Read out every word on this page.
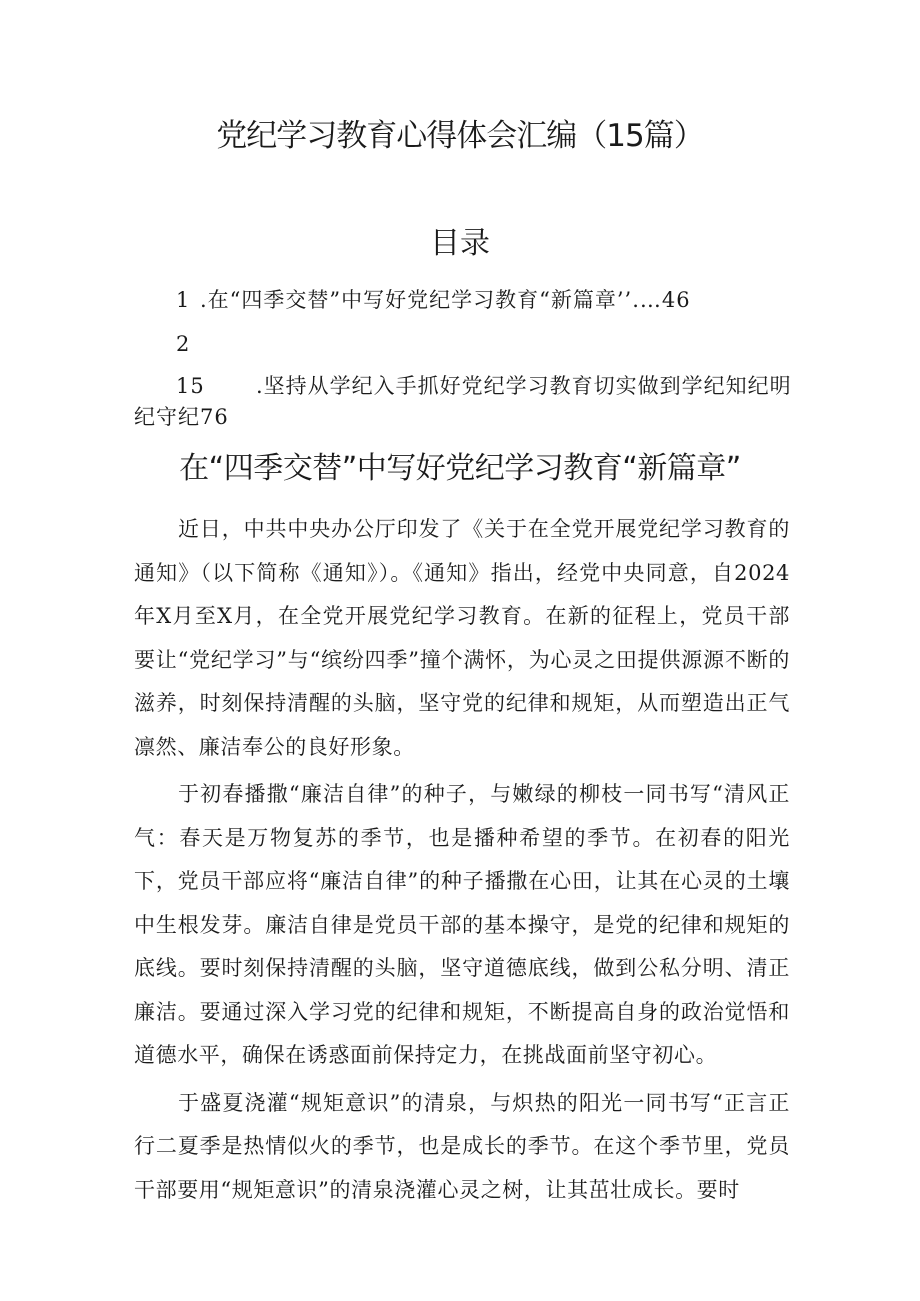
党纪学习教育心得体会汇编（15篇）
目录
1 .在“四季交替”中写好党纪学习教育“新篇章’’.…46
2
15 .坚持从学纪入手抓好党纪学习教育切实做到学纪知纪明
纪守纪76
在“四季交替”中写好党纪学习教育“新篇章”

近日，中共中央办公厅印发了《关于在全党开展党纪学习教育的通知》（以下简称《通知》）。《通知》指出，经党中央同意，自2024年X月至X月，在全党开展党纪学习教育。在新的征程上，党员干部要让“党纪学习”与“缤纷四季”撞个满怀，为心灵之田提供源源不断的滋养，时刻保持清醒的头脑，坚守党的纪律和规矩，从而塑造出正气凛然、廉洁奉公的良好形象。

于初春播撒“廉洁自律”的种子，与嫩绿的柳枝一同书写“清风正气：春天是万物复苏的季节，也是播种希望的季节。在初春的阳光下，党员干部应将“廉洁自律”的种子播撒在心田，让其在心灵的土壤中生根发芽。廉洁自律是党员干部的基本操守，是党的纪律和规矩的底线。要时刻保持清醒的头脑，坚守道德底线，做到公私分明、清正廉洁。要通过深入学习党的纪律和规矩，不断提高自身的政治觉悟和道德水平，确保在诱惑面前保持定力，在挑战面前坚守初心。

于盛夏浇灌“规矩意识”的清泉，与炽热的阳光一同书写“正言正行二夏季是热情似火的季节，也是成长的季节。在这个季节里，党员干部要用“规矩意识”的清泉浇灌心灵之树，让其茁壮成长。要时
